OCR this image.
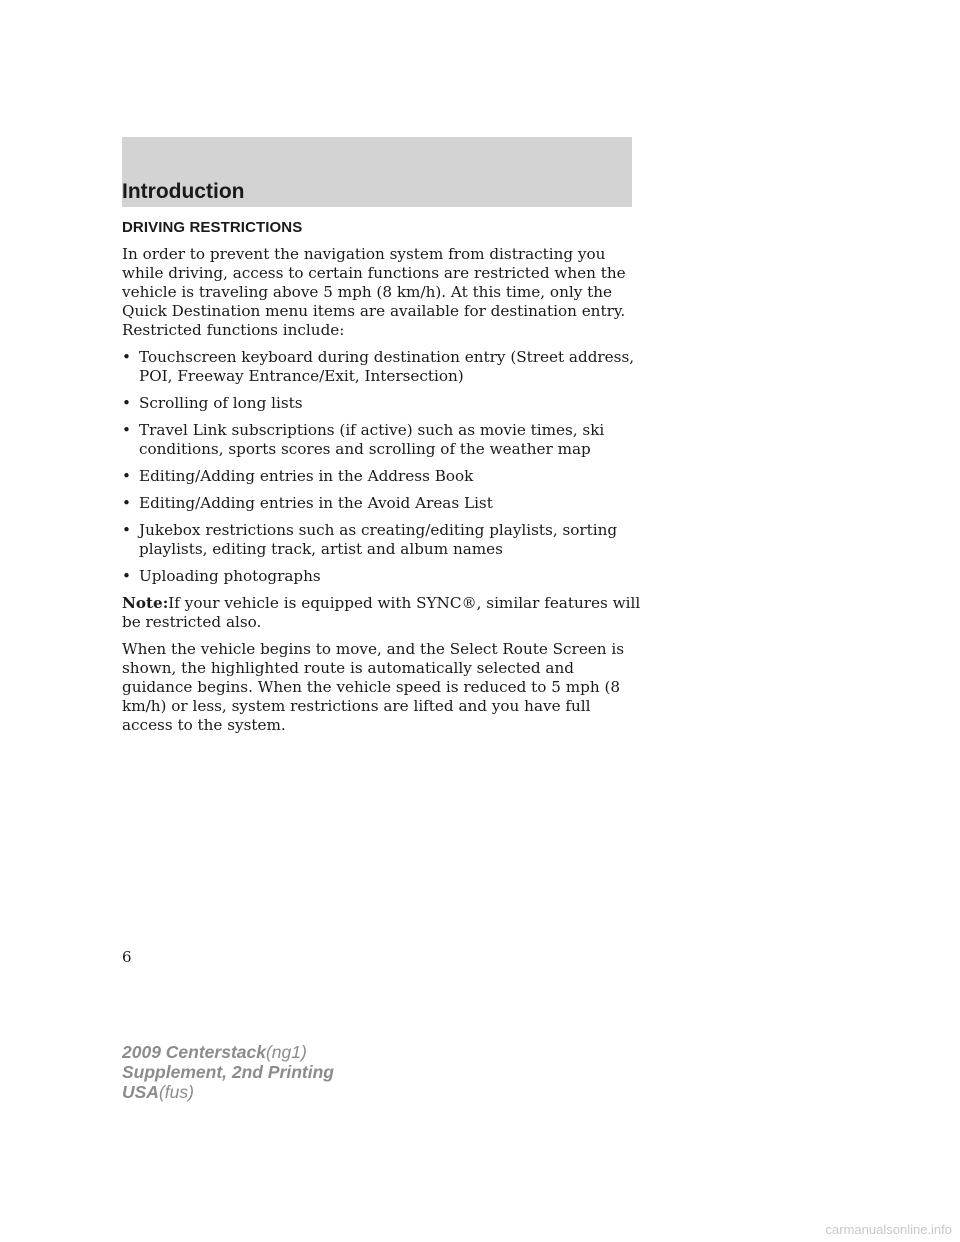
Introduction
DRIVING RESTRICTIONS

In order to prevent the navigation system from distracting you while driving, access to certain functions are restricted when the vehicle is traveling above 5 mph (8 km/h). At this time, only the Quick Destination menu items are available for destination entry. Restricted functions include:

• Touchscreen keyboard during destination entry (Street address, POI, Freeway Entrance/Exit, Intersection)
• Scrolling of long lists
• Travel Link subscriptions (if active) such as movie times, ski conditions, sports scores and scrolling of the weather map
• Editing/Adding entries in the Address Book
• Editing/Adding entries in the Avoid Areas List
• Jukebox restrictions such as creating/editing playlists, sorting playlists, editing track, artist and album names
• Uploading photographs

Note:If your vehicle is equipped with SYNC®, similar features will be restricted also.

When the vehicle begins to move, and the Select Route Screen is shown, the highlighted route is automatically selected and guidance begins. When the vehicle speed is reduced to 5 mph (8 km/h) or less, system restrictions are lifted and you have full access to the system.

6
2009 Centerstack(ng1)
Supplement, 2nd Printing
USA(fus)
carmanualsonline.info
